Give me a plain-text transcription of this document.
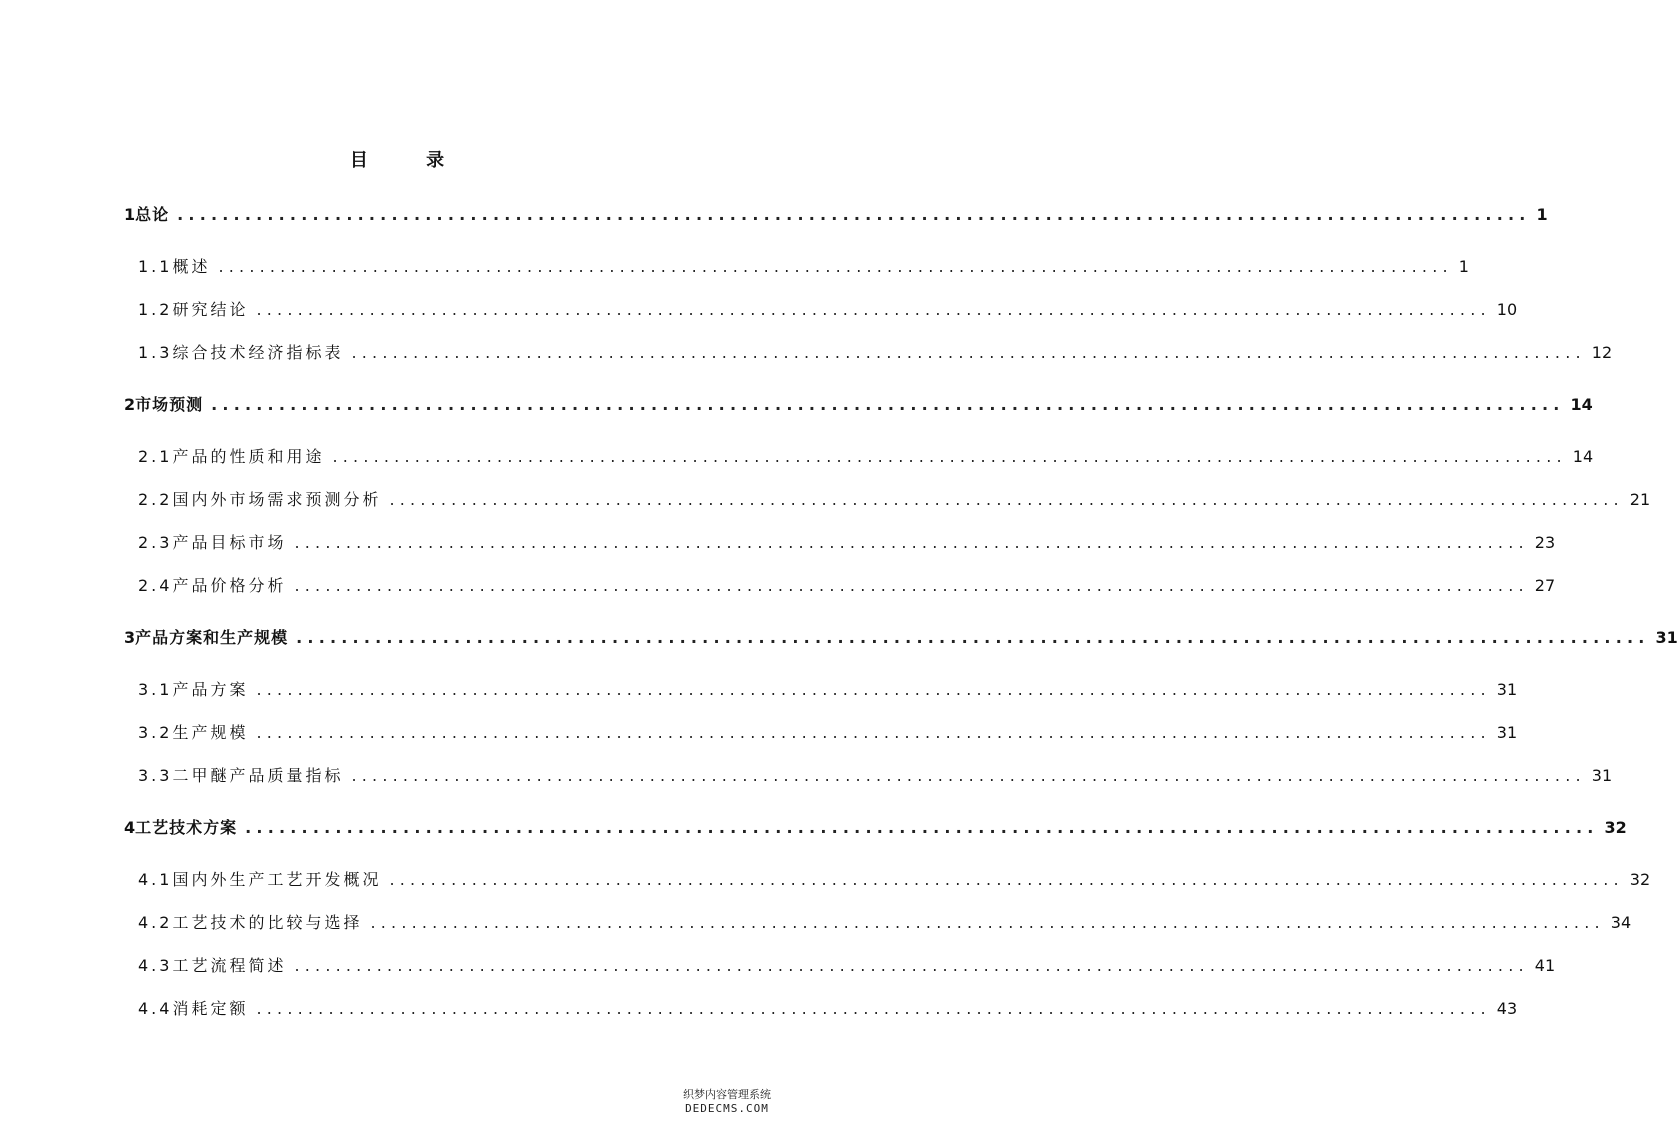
目 录
1 总论 ........................................................................................................................ 1
1.1 概述 ........................................................................................................................ 1
1.2 研究结论 ........................................................................................................................ 10
1.3 综合技术经济指标表 ........................................................................................................................ 12
2 市场预测 ........................................................................................................................ 14
2.1 产品的性质和用途 ........................................................................................................................ 14
2.2 国内外市场需求预测分析 ........................................................................................................................ 21
2.3 产品目标市场 ........................................................................................................................ 23
2.4 产品价格分析 ........................................................................................................................ 27
3 产品方案和生产规模 ........................................................................................................................ 31
3.1 产品方案 ........................................................................................................................ 31
3.2 生产规模 ........................................................................................................................ 31
3.3 二甲醚产品质量指标 ........................................................................................................................ 31
4 工艺技术方案 ........................................................................................................................ 32
4.1 国内外生产工艺开发概况 ........................................................................................................................ 32
4.2 工艺技术的比较与选择 ........................................................................................................................ 34
4.3 工艺流程简述 ........................................................................................................................ 41
4.4 消耗定额 ........................................................................................................................ 43
织梦内容管理系统
DEDECMS.COM
